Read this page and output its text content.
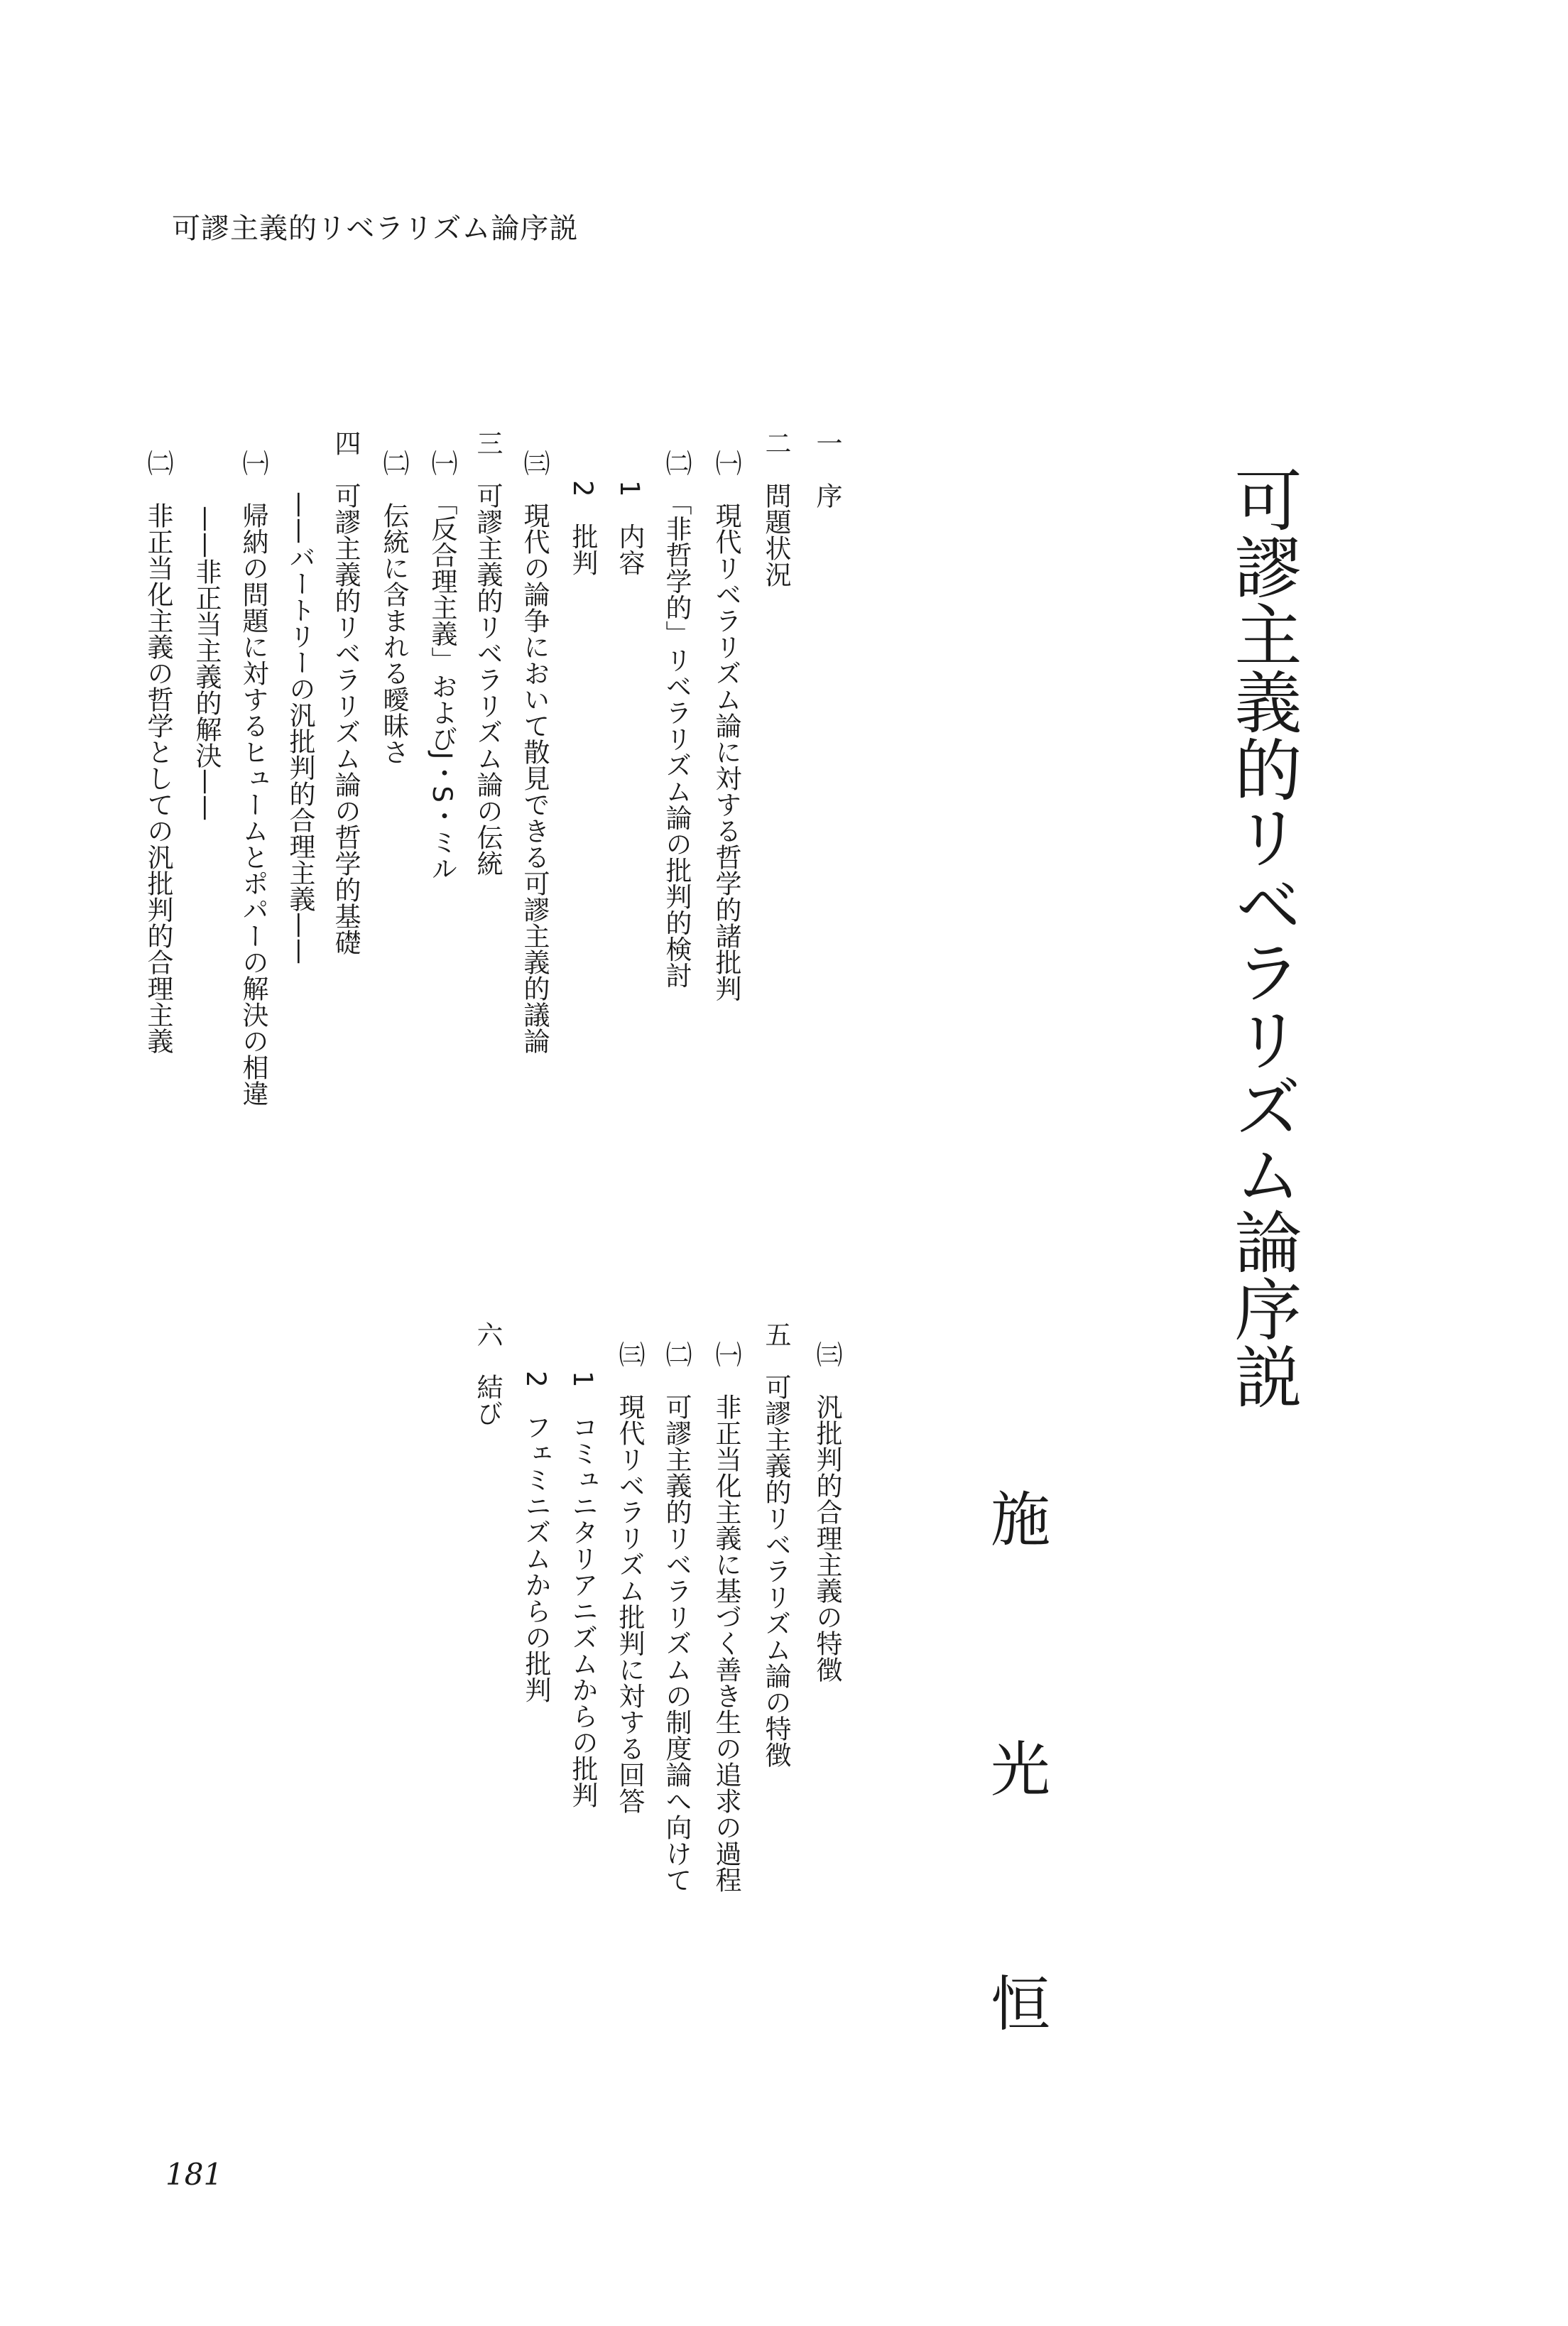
可謬主義的リベラリズム論序説
可謬主義的リベラリズム論序説
施
光
恒
一　序
二　問題状況
㈠　現代リベラリズム論に対する哲学的諸批判
㈡　「非哲学的」リベラリズム論の批判的検討
1　内容
2　批判
㈢　現代の論争において散見できる可謬主義的議論
三　可謬主義的リベラリズム論の伝統
㈠　「反合理主義」およびJ・S・ミル
㈡　伝統に含まれる曖昧さ
四　可謬主義的リベラリズム論の哲学的基礎
——バートリーの汎批判的合理主義——
㈠　帰納の問題に対するヒュームとポパーの解決の相違
——非正当主義的解決——
㈡　非正当化主義の哲学としての汎批判的合理主義
㈢　汎批判的合理主義の特徴
五　可謬主義的リベラリズム論の特徴
㈠　非正当化主義に基づく善き生の追求の過程
㈡　可謬主義的リベラリズムの制度論へ向けて
㈢　現代リベラリズム批判に対する回答
1　コミュニタリアニズムからの批判
2　フェミニズムからの批判
六　結び
181
